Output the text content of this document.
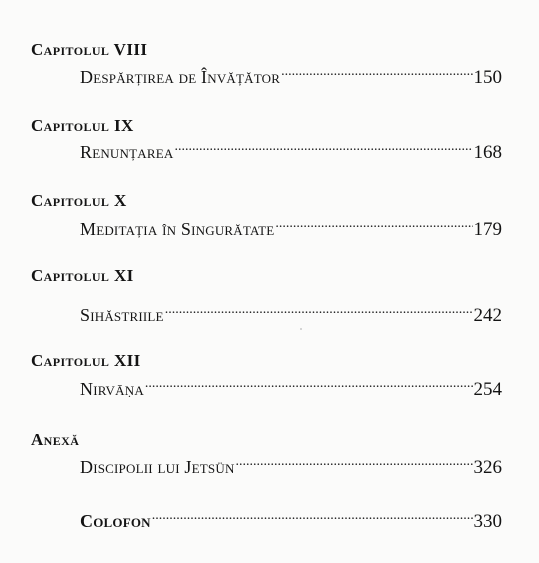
Capitolul VIII
Despărțirea de Învățător .....	150
Capitolul IX
Renunțarea .....	168
Capitolul X
Meditația în Singurătate .....	179
Capitolul XI
Sihăstriile .....	242
Capitolul XII
Nirvāṇa .....	254
Anexă
Discipolii lui Jetsün .....	326
Colofon .....	330
